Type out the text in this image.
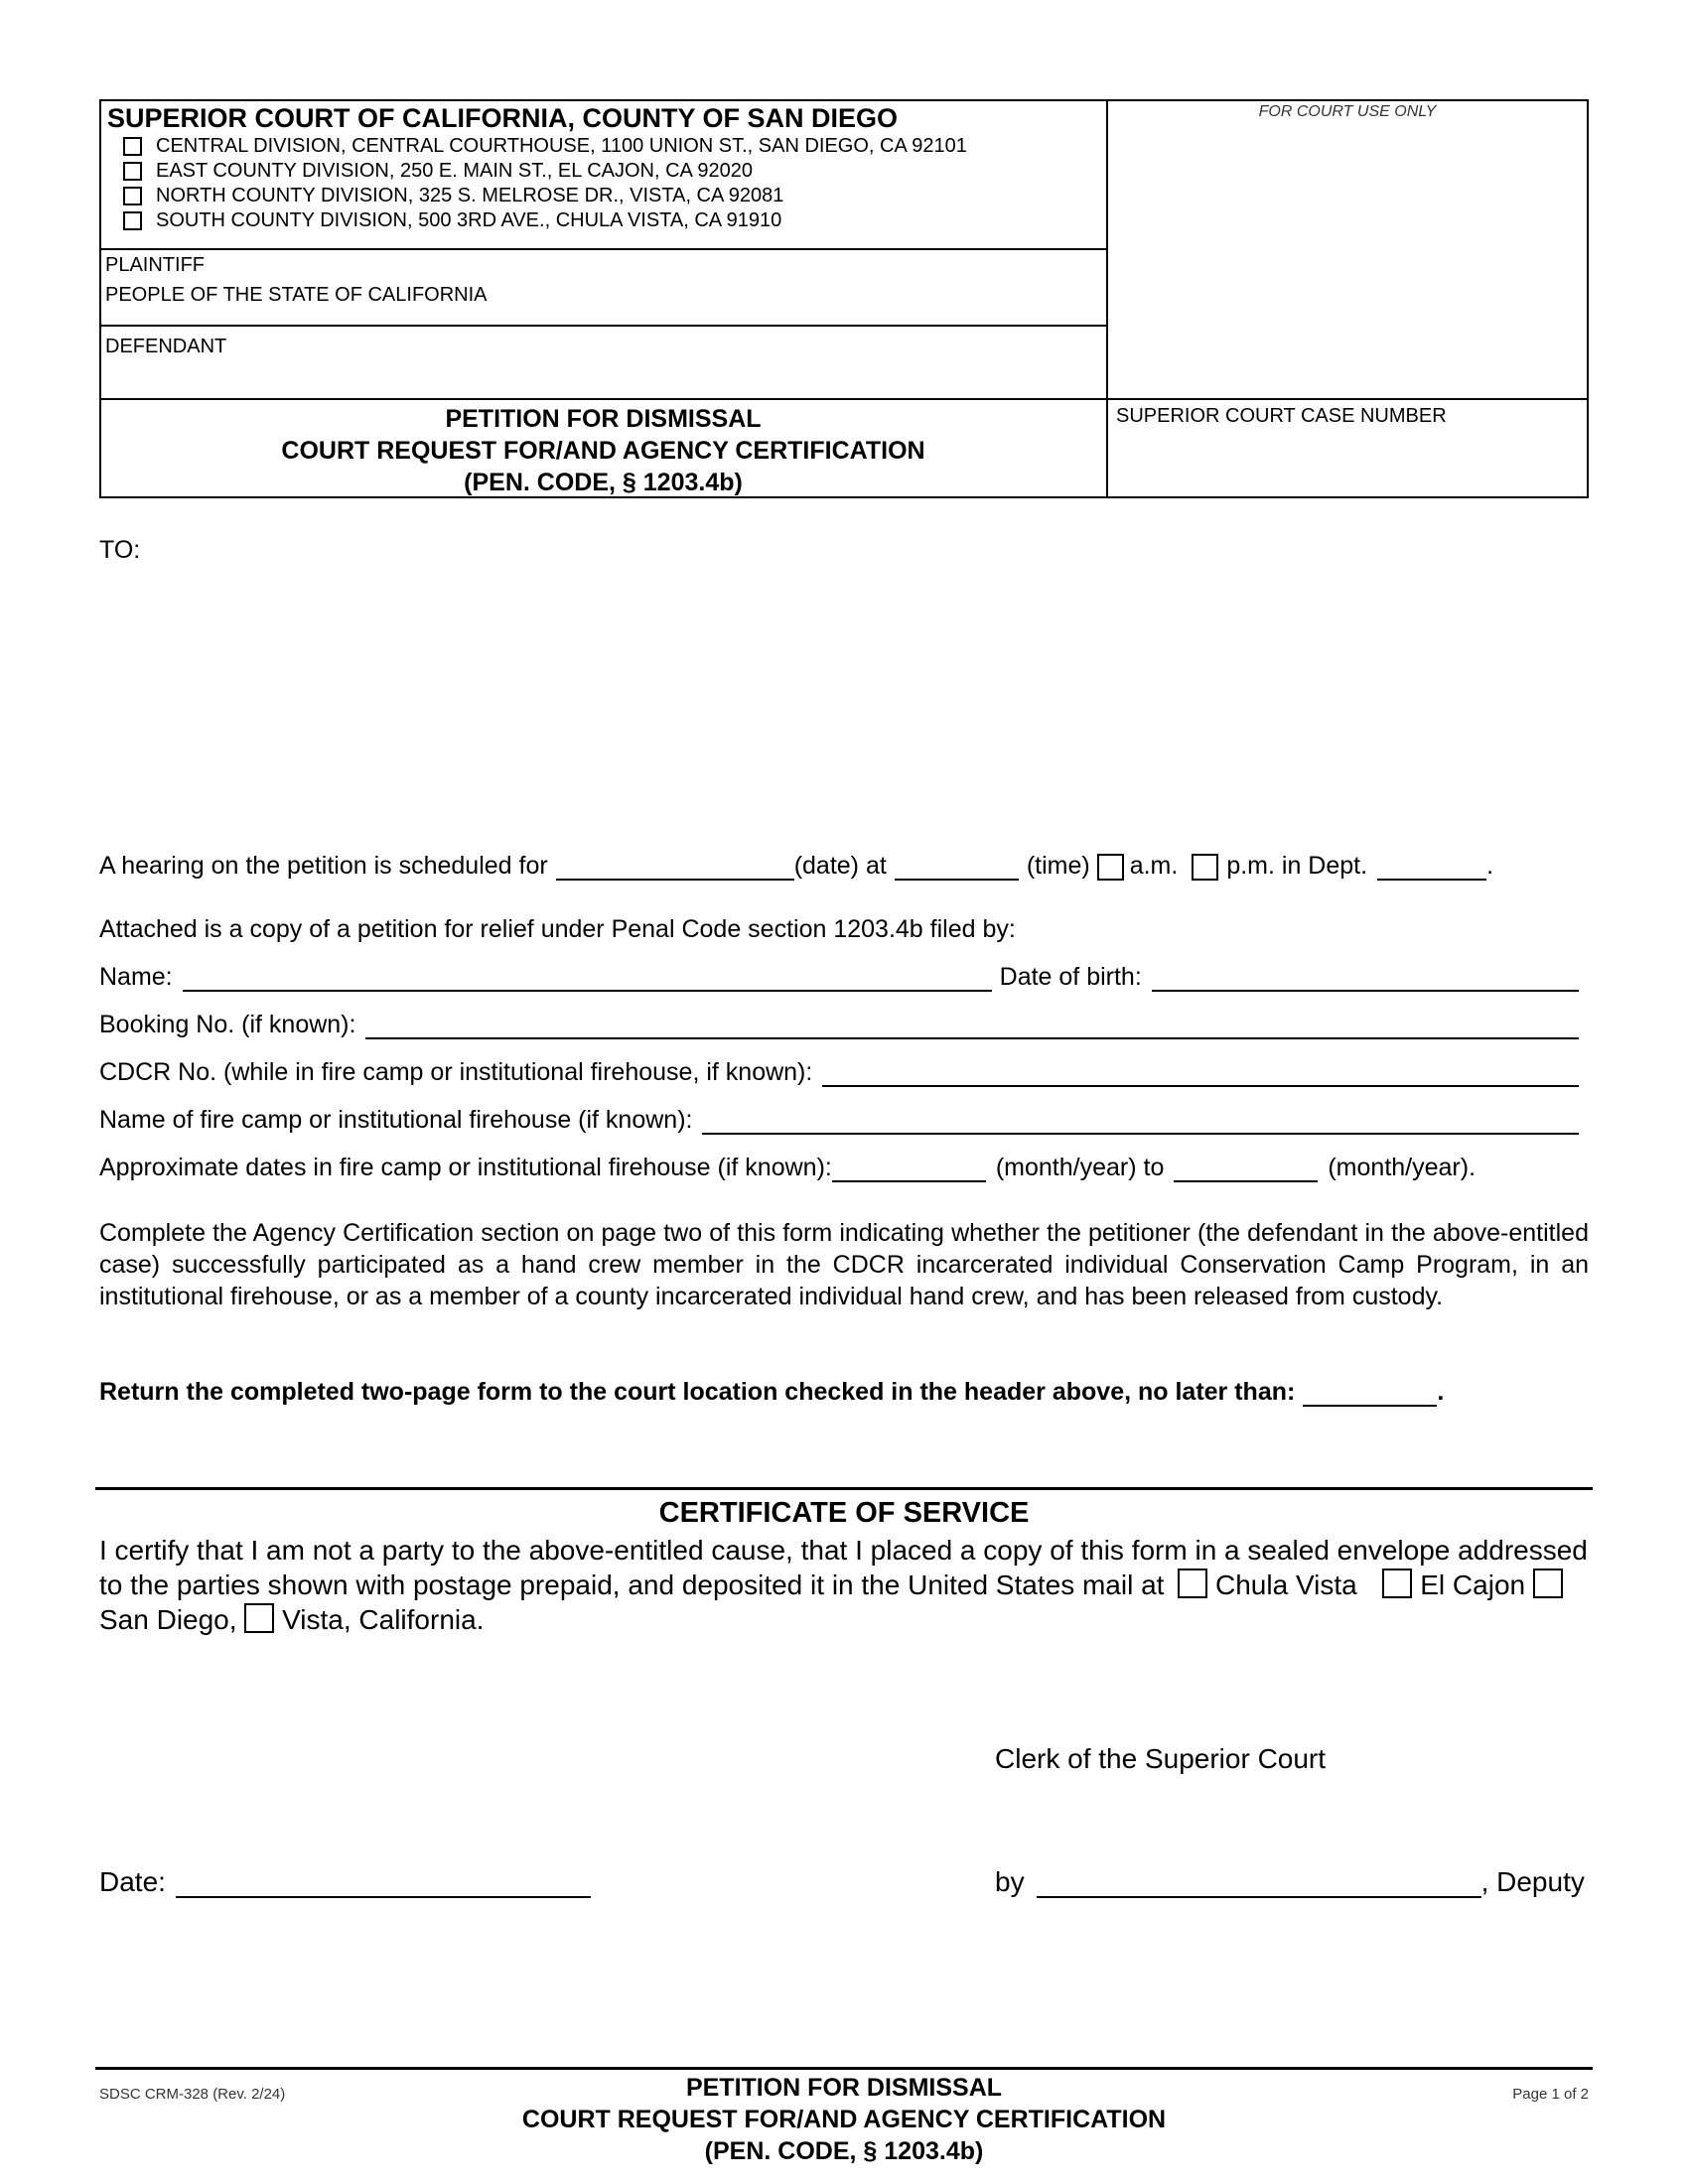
SUPERIOR COURT OF CALIFORNIA, COUNTY OF SAN DIEGO
CENTRAL DIVISION, CENTRAL COURTHOUSE, 1100 UNION ST., SAN DIEGO, CA 92101
EAST COUNTY DIVISION, 250 E. MAIN ST., EL CAJON, CA 92020
NORTH COUNTY DIVISION, 325 S. MELROSE DR., VISTA, CA 92081
SOUTH COUNTY DIVISION, 500 3RD AVE., CHULA VISTA, CA 91910
FOR COURT USE ONLY
PLAINTIFF
PEOPLE OF THE STATE OF CALIFORNIA
DEFENDANT
PETITION FOR DISMISSAL
COURT REQUEST FOR/AND AGENCY CERTIFICATION
(PEN. CODE, § 1203.4b)
SUPERIOR COURT CASE NUMBER
TO:
A hearing on the petition is scheduled for	(date) at	(time) a.m. p.m. in Dept.	.
Attached is a copy of a petition for relief under Penal Code section 1203.4b filed by:
Name:	Date of birth:
Booking No. (if known):
CDCR No. (while in fire camp or institutional firehouse, if known):
Name of fire camp or institutional firehouse (if known):
Approximate dates in fire camp or institutional firehouse (if known):	(month/year) to	(month/year).
Complete the Agency Certification section on page two of this form indicating whether the petitioner (the defendant in the above-entitled case) successfully participated as a hand crew member in the CDCR incarcerated individual Conservation Camp Program, in an institutional firehouse, or as a member of a county incarcerated individual hand crew, and has been released from custody.
Return the completed two-page form to the court location checked in the header above, no later than:	.
CERTIFICATE OF SERVICE
I certify that I am not a party to the above-entitled cause, that I placed a copy of this form in a sealed envelope addressed to the parties shown with postage prepaid, and deposited it in the United States mail at Chula Vista El Cajon  San Diego, Vista, California.
Clerk of the Superior Court
Date:	by	, Deputy
SDSC CRM-328 (Rev. 2/24)	PETITION FOR DISMISSAL
COURT REQUEST FOR/AND AGENCY CERTIFICATION
(PEN. CODE, § 1203.4b)
Page 1 of 2
